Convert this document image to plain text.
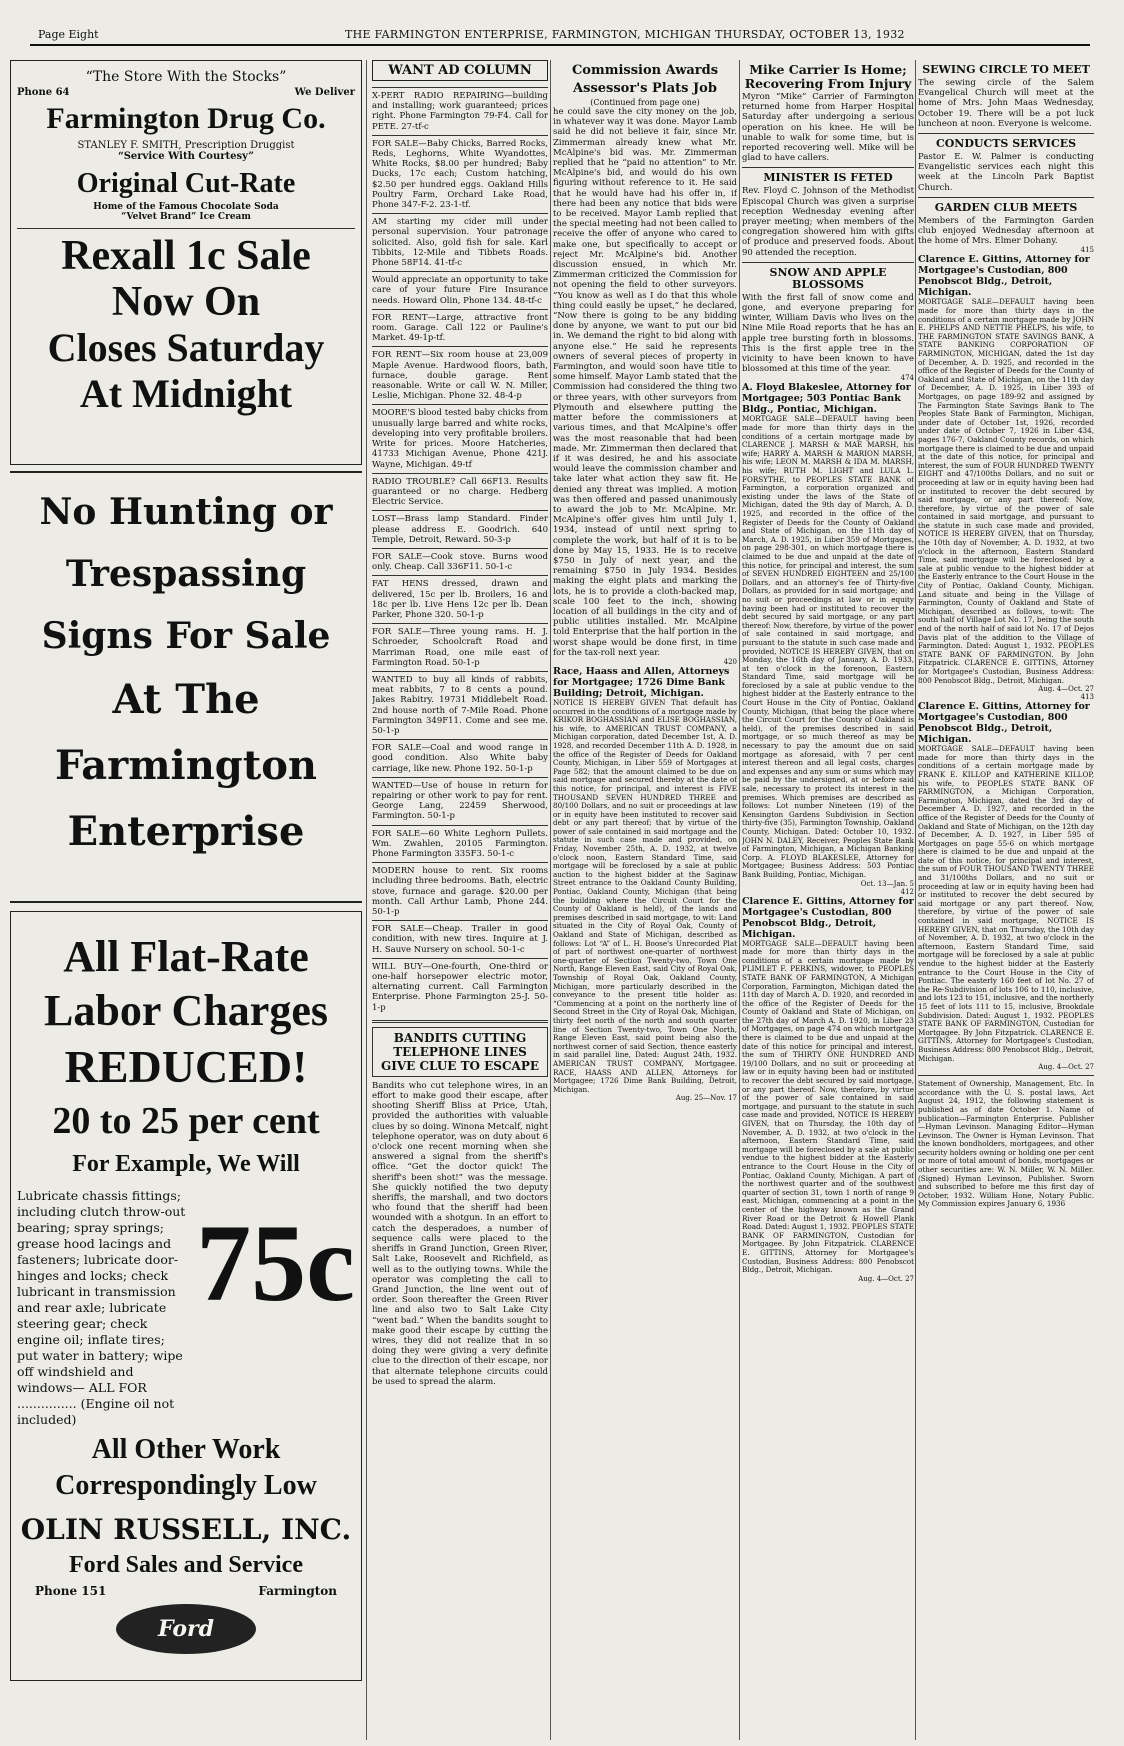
Page Eight	THE FARMINGTON ENTERPRISE, FARMINGTON, MICHIGAN THURSDAY, OCTOBER 13, 1932
“The Store With the Stocks”
Phone 64	We Deliver
Farmington Drug Co.
STANLEY F. SMITH, Prescription Druggist
“Service With Courtesy”
Original Cut-Rate
Home of the Famous Chocolate Soda
“Velvet Brand” Ice Cream
Rexall 1c Sale
Now On
Closes Saturday
At Midnight
No Hunting or
Trespassing
Signs For Sale
At The
Farmington
Enterprise
All Flat-Rate
Labor Charges
REDUCED!
20 to 25 per cent
For Example, We Will
Lubricate chassis fittings; including clutch throw-out bearing; spray springs; grease hood lacings and fasteners; lubricate door-hinges and locks; check lubricant in transmission and rear axle; lubricate steering gear; check engine oil; inflate tires; put water in battery; wipe off windshield and windows— ALL FOR ............... (Engine oil not included)
75c
All Other Work
Correspondingly Low
OLIN RUSSELL, INC.
Ford Sales and Service
Phone 151	Farmington
Ford
WANT AD COLUMN
X-PERT RADIO REPAIRING—building and installing; work guaranteed; prices right. Phone Farmington 79-F4. Call for PETE. 27-tf-c
FOR SALE—Baby Chicks, Barred Rocks, Reds, Leghorns, White Wyandottes, White Rocks, $8.00 per hundred; Baby Ducks, 17c each; Custom hatching, $2.50 per hundred eggs. Oakland Hills Poultry Farm, Orchard Lake Road, Phone 347-F-2. 23-1-tf.
AM starting my cider mill under personal supervision. Your patronage solicited. Also, gold fish for sale. Karl Tibbits, 12-Mile and Tibbets Roads. Phone 58F14. 41-tf-c
Would appreciate an opportunity to take care of your future Fire Insurance needs. Howard Olin, Phone 134. 48-tf-c
FOR RENT—Large, attractive front room. Garage. Call 122 or Pauline's Market. 49-1p-tf.
FOR RENT—Six room house at 23,009 Maple Avenue. Hardwood floors, bath, furnace, double garage. Rent reasonable. Write or call W. N. Miller, Leslie, Michigan. Phone 32. 48-4-p
MOORE'S blood tested baby chicks from unusually large barred and white rocks, developing into very profitable broilers. Write for prices. Moore Hatcheries, 41733 Michigan Avenue, Phone 421J. Wayne, Michigan. 49-tf
RADIO TROUBLE? Call 66F13. Results guaranteed or no charge. Hedberg Electric Service.
LOST—Brass lamp Standard. Finder please address E. Goodrich. 640 Temple, Detroit, Reward. 50-3-p
FOR SALE—Cook stove. Burns wood only. Cheap. Call 336F11. 50-1-c
FAT HENS dressed, drawn and delivered, 15c per lb. Broilers, 16 and 18c per lb. Live Hens 12c per lb. Dean Parker, Phone 320. 50-1-p
FOR SALE—Three young rams. H. J. Schroeder, Schoolcraft Road and Marriman Road, one mile east of Farmington Road. 50-1-p
WANTED to buy all kinds of rabbits, meat rabbits, 7 to 8 cents a pound. Jakes Rabitry. 19731 Middlebelt Road. 2nd house north of 7-Mile Road. Phone Farmington 349F11. Come and see me. 50-1-p
FOR SALE—Coal and wood range in good condition. Also White baby carriage, like new. Phone 192. 50-1-p
WANTED—Use of house in return for repairing or other work to pay for rent. George Lang, 22459 Sherwood, Farmington. 50-1-p
FOR SALE—60 White Leghorn Pullets. Wm. Zwahlen, 20105 Farmington. Phone Farmington 335F3. 50-1-c
MODERN house to rent. Six rooms including three bedrooms. Bath, electric stove, furnace and garage. $20.00 per month. Call Arthur Lamb, Phone 244. 50-1-p
FOR SALE—Cheap. Trailer in good condition, with new tires. Inquire at J. H. Sauve Nursery on school. 50-1-c
WILL BUY—One-fourth, One-third or one-half horsepower electric motor, alternating current. Call Farmington Enterprise. Phone Farmington 25-J. 50-1-p
BANDITS CUTTING TELEPHONE LINES GIVE CLUE TO ESCAPE
Bandits who cut telephone wires, in an effort to make good their escape, after shooting Sheriff Bliss at Price, Utah, provided the authorities with valuable clues by so doing. Winona Metcalf, night telephone operator, was on duty about 6 o'clock one recent morning when she answered a signal from the sheriff's office. “Get the doctor quick! The sheriff's been shot!” was the message. She quickly notified the two deputy sheriffs, the marshall, and two doctors who found that the sheriff had been wounded with a shotgun. In an effort to catch the desperadoes, a number of sequence calls were placed to the sheriffs in Grand Junction, Green River, Salt Lake, Roosevelt and Richfield, as well as to the outlying towns. While the operator was completing the call to Grand Junction, the line went out of order. Soon thereafter the Green River line and also two to Salt Lake City “went bad.” When the bandits sought to make good their escape by cutting the wires, they did not realize that in so doing they were giving a very definite clue to the direction of their escape, nor that alternate telephone circuits could be used to spread the alarm.
Commission Awards
Assessor's Plats Job
(Continued from page one)
he could save the city money on the job, in whatever way it was done. Mayor Lamb said he did not believe it fair, since Mr. Zimmerman already knew what Mr. McAlpine's bid was. Mr. Zimmerman replied that he “paid no attention” to Mr. McAlpine's bid, and would do his own figuring without reference to it. He said that he would have had his offer in, if there had been any notice that bids were to be received. Mayor Lamb replied that the special meeting had not been called to receive the offer of anyone who cared to make one, but specifically to accept or reject Mr. McAlpine's bid. Another discussion ensued, in which Mr. Zimmerman criticized the Commission for not opening the field to other surveyors. “You know as well as I do that this whole thing could easily be upset,” he declared, “Now there is going to be any bidding done by anyone, we want to put our bid in. We demand the right to bid along with anyone else.” He said he represents owners of several pieces of property in Farmington, and would soon have title to some himself. Mayor Lamb stated that the Commission had considered the thing two or three years, with other surveyors from Plymouth and elsewhere putting the matter before the commissioners at various times, and that McAlpine's offer was the most reasonable that had been made. Mr. Zimmerman then declared that if it was desired, he and his associate would leave the commission chamber and take later what action they saw fit. He denied any threat was implied. A motion was then offered and passed unanimously to award the job to Mr. McAlpine. Mr. McAlpine's offer gives him until July 1, 1934, instead of until next spring to complete the work, but half of it is to be done by May 15, 1933. He is to receive $750 in July of next year, and the remaining $750 in July 1934. Besides making the eight plats and marking the lots, he is to provide a cloth-backed map, scale 100 feet to the inch, showing location of all buildings in the city and of public utilities installed. Mr. McAlpine told Enterprise that the half portion in the worst shape would be done first, in time for the tax-roll next year.
420
Race, Haass and Allen, Attorneys for Mortgagee; 1726 Dime Bank Building; Detroit, Michigan.
NOTICE IS HEREBY GIVEN That default has occurred in the conditions of a mortgage made by KRIKOR BOGHASSIAN and ELISE BOGHASSIAN, his wife, to AMERICAN TRUST COMPANY, a Michigan corporation, dated December 1st, A. D. 1928, and recorded December 11th A. D. 1928, in the office of the Register of Deeds for Oakland County, Michigan, in Liber 559 of Mortgages at Page 582; that the amount claimed to be due on said mortgage and secured thereby at the date of this notice, for principal, and interest is FIVE THOUSAND SEVEN HUNDRED THREE and 80/100 Dollars, and no suit or proceedings at law or in equity have been instituted to recover said debt or any part thereof; that by virtue of the power of sale contained in said mortgage and the statute in such case made and provided, on Friday, November 25th, A. D. 1932, at twelve o'clock noon, Eastern Standard Time, said mortgage will be foreclosed by a sale at public auction to the highest bidder at the Saginaw Street entrance to the Oakland County Building, Pontiac, Oakland County, Michigan (that being the building where the Circuit Court for the County of Oakland is held), of the lands and premises described in said mortgage, to wit: Land situated in the City of Royal Oak, County of Oakland and State of Michigan, described as follows: Lot “A” of L. H. Boose's Unrecorded Plat of part of northwest one-quarter of northwest one-quarter of Section Twenty-two, Town One North, Range Eleven East, said City of Royal Oak, Township of Royal Oak, Oakland County, Michigan, more particularly described in the conveyance to the present title holder as: “Commencing at a point on the northerly line of Second Street in the City of Royal Oak, Michigan, thirty feet north of the north and south quarter line of Section Twenty-two, Town One North, Range Eleven East, said point being also the northwest corner of said Section, thence easterly in said parallel line, Dated: August 24th, 1932. AMERICAN TRUST COMPANY, Mortgagee. RACE, HAASS AND ALLEN, Attorneys for Mortgagee; 1726 Dime Bank Building, Detroit, Michigan.
Aug. 25—Nov. 17
Mike Carrier Is Home;
Recovering From Injury
Myron “Mike” Carrier of Farmington returned home from Harper Hospital Saturday after undergoing a serious operation on his knee. He will be unable to walk for some time, but is reported recovering well. Mike will be glad to have callers.
MINISTER IS FETED
Rev. Floyd C. Johnson of the Methodist Episcopal Church was given a surprise reception Wednesday evening after prayer meeting; when members of the congregation showered him with gifts of produce and preserved foods. About 90 attended the reception.
SNOW AND APPLE BLOSSOMS
With the first fall of snow come and gone, and everyone preparing for winter, William Davis who lives on the Nine Mile Road reports that he has an apple tree bursting forth in blossoms. This is the first apple tree in the vicinity to have been known to have blossomed at this time of the year.
474
A. Floyd Blakeslee, Attorney for Mortgagee; 503 Pontiac Bank Bldg., Pontiac, Michigan.
MORTGAGE SALE—DEFAULT having been made for more than thirty days in the conditions of a certain mortgage made by CLARENCE J. MARSH & MAE MARSH, his wife; HARRY A. MARSH & MARION MARSH, his wife; LEON M. MARSH & IDA M. MARSH, his wife; RUTH M. LIGHT and LULA L. FORSYTHE, to PEOPLES STATE BANK of Farmington, a corporation organized and existing under the laws of the State of Michigan, dated the 9th day of March, A. D. 1925, and recorded in the office of the Register of Deeds for the County of Oakland and State of Michigan, on the 11th day of March, A. D. 1925, in Liber 359 of Mortgages, on page 298-301, on which mortgage there is claimed to be due and unpaid at the date of this notice, for principal and interest, the sum of SEVEN HUNDRED EIGHTEEN and 25/100 Dollars, and an attorney's fee of Thirty-five Dollars, as provided for in said mortgage; and no suit or proceedings at law or in equity having been had or instituted to recover the debt secured by said mortgage, or any part thereof: Now, therefore, by virtue of the power of sale contained in said mortgage, and pursuant to the statute in such case made and provided, NOTICE IS HEREBY GIVEN, that on Monday, the 16th day of January, A. D. 1933, at ten o'clock in the forenoon, Eastern Standard Time, said mortgage will be foreclosed by a sale at public vendue to the highest bidder at the Easterly entrance to the Court House in the City of Pontiac, Oakland County, Michigan, (that being the place where the Circuit Court for the County of Oakland is held), of the premises described in said mortgage, or so much thereof as may be necessary to pay the amount due on said mortgage as aforesaid, with 7 per cent interest thereon and all legal costs, charges and expenses and any sum or sums which may be paid by the undersigned, at or before said sale, necessary to protect its interest in the premises. Which premises are described as follows: Lot number Nineteen (19) of the Kensington Gardens Subdivision in Section thirty-five (35), Farmington Township, Oakland County, Michigan. Dated: October 10, 1932. JOHN N. DALEY, Receiver, Peoples State Bank of Farmington, Michigan, a Michigan Banking Corp. A. FLOYD BLAKESLEE, Attorney for Mortgagee; Business Address: 503 Pontiac Bank Building, Pontiac, Michigan.
Oct. 13—Jan. 5
412
Clarence E. Gittins, Attorney for Mortgagee's Custodian, 800 Penobscot Bldg., Detroit, Michigan.
MORTGAGE SALE—DEFAULT having been made for more than thirty days in the conditions of a certain mortgage made by PLIMLET F. PERKINS, widower, to PEOPLES STATE BANK OF FARMINGTON, A Michigan Corporation, Farmington, Michigan dated the 11th day of March A. D. 1920, and recorded in the office of the Register of Deeds for the County of Oakland and State of Michigan, on the 27th day of March A. D. 1920, in Liber 23 of Mortgages, on page 474 on which mortgage there is claimed to be due and unpaid at the date of this notice for principal and interest, the sum of THIRTY ONE HUNDRED AND 19/100 Dollars, and no suit or proceeding at law or in equity having been had or instituted to recover the debt secured by said mortgage, or any part thereof. Now, therefore, by virtue of the power of sale contained in said mortgage, and pursuant to the statute in such case made and provided, NOTICE IS HEREBY GIVEN, that on Thursday, the 10th day of November, A. D. 1932, at two o'clock in the afternoon, Eastern Standard Time, said mortgage will be foreclosed by a sale at public vendue to the highest bidder at the Easterly entrance to the Court House in the City of Pontiac, Oakland County, Michigan. A part of the northwest quarter and of the southwest quarter of section 31, town 1 north of range 9 east, Michigan, commencing at a point in the center of the highway known as the Grand River Road or the Detroit & Howell Plank Road. Dated: August 1, 1932. PEOPLES STATE BANK OF FARMINGTON, Custodian for Mortgagee. By John Fitzpatrick. CLARENCE E. GITTINS, Attorney for Mortgagee's Custodian, Business Address: 800 Penobscot Bldg., Detroit, Michigan.
Aug. 4—Oct. 27
SEWING CIRCLE TO MEET
The sewing circle of the Salem Evangelical Church will meet at the home of Mrs. John Maas Wednesday, October 19. There will be a pot luck luncheon at noon. Everyone is welcome.
CONDUCTS SERVICES
Pastor E. W. Palmer is conducting Evangelistic services each night this week at the Lincoln Park Baptist Church.
GARDEN CLUB MEETS
Members of the Farmington Garden club enjoyed Wednesday afternoon at the home of Mrs. Elmer Dohany.
415
Clarence E. Gittins, Attorney for Mortgagee's Custodian, 800 Penobscot Bldg., Detroit, Michigan.
MORTGAGE SALE—DEFAULT having been made for more than thirty days in the conditions of a certain mortgage made by JOHN E. PHELPS AND NETTIE PHELPS, his wife, to THE FARMINGTON STATE SAVINGS BANK, A STATE BANKING CORPORATION OF FARMINGTON, MICHIGAN, dated the 1st day of December, A. D. 1925, and recorded in the office of the Register of Deeds for the County of Oakland and State of Michigan, on the 11th day of December, A. D. 1925, in Liber 393 of Mortgages, on page 189-92 and assigned by The Farmington State Savings Bank to The Peoples State Bank of Farmington, Michigan, under date of October 1st, 1926, recorded under date of October 7, 1926 in Liber 434, pages 176-7, Oakland County records, on which mortgage there is claimed to be due and unpaid at the date of this notice, for principal and interest, the sum of FOUR HUNDRED TWENTY EIGHT and 47/100ths Dollars, and no suit or proceeding at law or in equity having been had or instituted to recover the debt secured by said mortgage, or any part thereof: Now, therefore, by virtue of the power of sale contained in said mortgage, and pursuant to the statute in such case made and provided, NOTICE IS HEREBY GIVEN, that on Thursday, the 10th day of November, A. D. 1932, at two o'clock in the afternoon, Eastern Standard Time, said mortgage will be foreclosed by a sale at public vendue to the highest bidder at the Easterly entrance to the Court House in the City of Pontiac, Oakland County, Michigan. Land situate and being in the Village of Farmington, County of Oakland and State of Michigan, described as follows, to-wit: The south half of Village Lot No. 17, being the south end of the north half of said lot No. 17 of Dejos Davis plat of the addition to the Village of Farmington. Dated: August 1, 1932. PEOPLES STATE BANK OF FARMINGTON. By John Fitzpatrick. CLARENCE E. GITTINS, Attorney for Mortgagee's Custodian, Business Address: 800 Penobscot Bldg., Detroit, Michigan.
Aug. 4—Oct. 27
413
Clarence E. Gittins, Attorney for Mortgagee's Custodian, 800 Penobscot Bldg., Detroit, Michigan.
MORTGAGE SALE—DEFAULT having been made for more than thirty days in the conditions of a certain mortgage made by FRANK E. KILLOP and KATHERINE KILLOP, his wife, to PEOPLES STATE BANK OF FARMINGTON, a Michigan Corporation, Farmington, Michigan, dated the 3rd day of December A. D. 1927, and recorded in the office of the Register of Deeds for the County of Oakland and State of Michigan, on the 12th day of December, A. D. 1927, in Liber 595 of Mortgages on page 55-6 on which mortgage there is claimed to be due and unpaid at the date of this notice, for principal and interest, the sum of FOUR THOUSAND TWENTY THREE and 31/100ths Dollars, and no suit or proceeding at law or in equity having been had or instituted to recover the debt secured by said mortgage or any part thereof. Now, therefore, by virtue of the power of sale contained in said mortgage, NOTICE IS HEREBY GIVEN, that on Thursday, the 10th day of November, A. D. 1932, at two o'clock in the afternoon, Eastern Standard Time, said mortgage will be foreclosed by a sale at public vendue to the highest bidder at the Easterly entrance to the Court House in the City of Pontiac. The easterly 160 feet of lot No. 27 of the Re-Subdivision of lots 106 to 110, inclusive, and lots 123 to 151, inclusive, and the northerly 15 feet of lots 111 to 15, inclusive, Brookdale Subdivision. Dated: August 1, 1932. PEOPLES STATE BANK OF FARMINGTON, Custodian for Mortgagee. By John Fitzpatrick. CLARENCE E. GITTINS, Attorney for Mortgagee's Custodian, Business Address: 800 Penobscot Bldg., Detroit, Michigan.
Aug. 4—Oct. 27
Statement of Ownership, Management, Etc. In accordance with the U. S. postal laws, Act August 24, 1912, the following statement is published as of date October 1. Name of publication—Farmington Enterprise. Publisher—Hyman Levinson. Managing Editor—Hyman Levinson. The Owner is Hyman Levinson. That the known bondholders, mortgagees, and other security holders owning or holding one per cent or more of total amount of bonds, mortgages or other securities are: W. N. Miller, W. N. Miller. (Signed) Hyman Levinson, Publisher. Sworn and subscribed to before me this first day of October, 1932. William Hone, Notary Public. My Commission expires January 6, 1936
